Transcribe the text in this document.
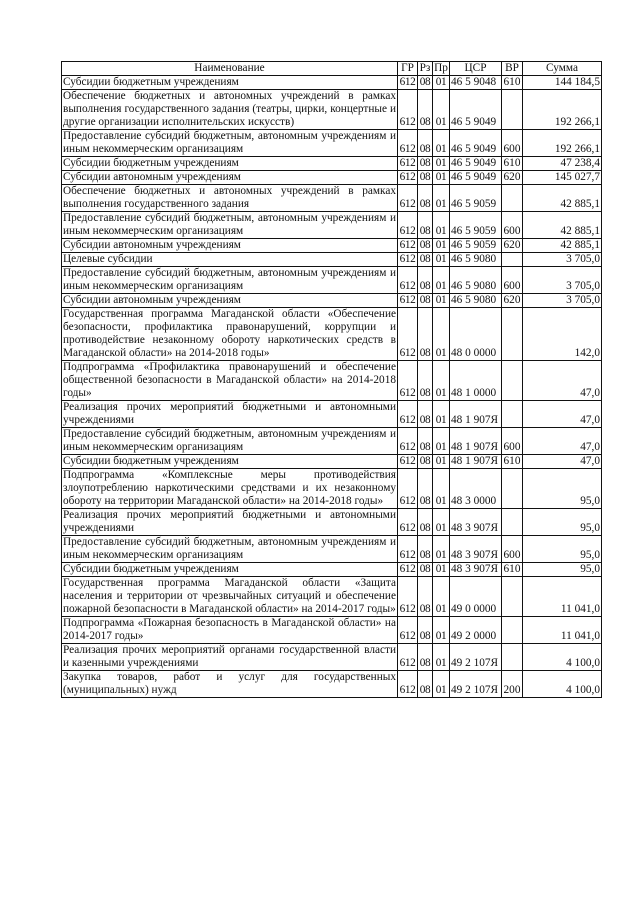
Наименование	ГР	Рз	Пр	ЦСР	ВР	Сумма
Субсидии бюджетным учреждениям	612	08	01	46 5 9048	610	144 184,5
Обеспечение бюджетных и автономных учреждений в рамках выполнения государственного задания (театры, цирки, концертные и другие организации исполнительских искусств)	612	08	01	46 5 9049		192 266,1
Предоставление субсидий бюджетным, автономным учреждениям и иным некоммерческим организациям	612	08	01	46 5 9049	600	192 266,1
Субсидии бюджетным учреждениям	612	08	01	46 5 9049	610	47 238,4
Субсидии автономным учреждениям	612	08	01	46 5 9049	620	145 027,7
Обеспечение бюджетных и автономных учреждений в рамках выполнения государственного задания	612	08	01	46 5 9059		42 885,1
Предоставление субсидий бюджетным, автономным учреждениям и иным некоммерческим организациям	612	08	01	46 5 9059	600	42 885,1
Субсидии автономным учреждениям	612	08	01	46 5 9059	620	42 885,1
Целевые субсидии	612	08	01	46 5 9080		3 705,0
Предоставление субсидий бюджетным, автономным учреждениям и иным некоммерческим организациям	612	08	01	46 5 9080	600	3 705,0
Субсидии автономным учреждениям	612	08	01	46 5 9080	620	3 705,0
Государственная программа Магаданской области «Обеспечение безопасности, профилактика правонарушений, коррупции и противодействие незаконному обороту наркотических средств в Магаданской области» на 2014-2018 годы»	612	08	01	48 0 0000		142,0
Подпрограмма «Профилактика правонарушений и обеспечение общественной безопасности в Магаданской области» на 2014-2018 годы»	612	08	01	48 1 0000		47,0
Реализация прочих мероприятий бюджетными и автономными учреждениями	612	08	01	48 1 907Я		47,0
Предоставление субсидий бюджетным, автономным учреждениям и иным некоммерческим организациям	612	08	01	48 1 907Я	600	47,0
Субсидии бюджетным учреждениям	612	08	01	48 1 907Я	610	47,0
Подпрограмма «Комплексные меры противодействия злоупотреблению наркотическими средствами и их незаконному обороту на территории Магаданской области» на 2014-2018 годы»	612	08	01	48 3 0000		95,0
Реализация прочих мероприятий бюджетными и автономными учреждениями	612	08	01	48 3 907Я		95,0
Предоставление субсидий бюджетным, автономным учреждениям и иным некоммерческим организациям	612	08	01	48 3 907Я	600	95,0
Субсидии бюджетным учреждениям	612	08	01	48 3 907Я	610	95,0
Государственная программа Магаданской области «Защита населения и территории от чрезвычайных ситуаций и обеспечение пожарной безопасности в Магаданской области» на 2014-2017 годы»	612	08	01	49 0 0000		11 041,0
Подпрограмма «Пожарная безопасность в Магаданской области» на 2014-2017 годы»	612	08	01	49 2 0000		11 041,0
Реализация прочих мероприятий органами государственной власти и казенными учреждениями	612	08	01	49 2 107Я		4 100,0
Закупка товаров, работ и услуг для государственных (муниципальных) нужд	612	08	01	49 2 107Я	200	4 100,0
